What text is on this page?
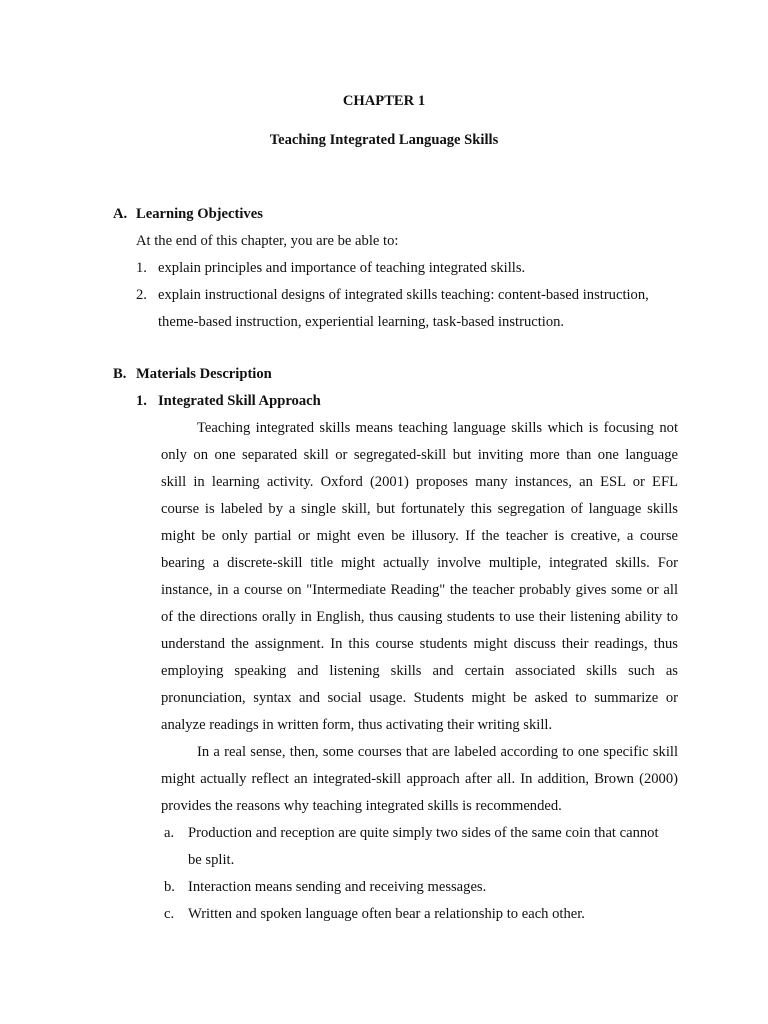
CHAPTER 1
Teaching Integrated Language Skills
A. Learning Objectives
At the end of this chapter, you are be able to:
1. explain principles and importance of teaching integrated skills.
2. explain instructional designs of integrated skills teaching: content-based instruction,
theme-based instruction, experiential learning, task-based instruction.
B. Materials Description
1. Integrated Skill Approach
Teaching integrated skills means teaching language skills which is focusing not
only on one separated skill or segregated-skill but inviting more than one language
skill in learning activity. Oxford (2001) proposes many instances, an ESL or EFL
course is labeled by a single skill, but fortunately this segregation of language skills
might be only partial or might even be illusory. If the teacher is creative, a course
bearing a discrete-skill title might actually involve multiple, integrated skills. For
instance, in a course on "Intermediate Reading" the teacher probably gives some or all
of the directions orally in English, thus causing students to use their listening ability to
understand the assignment. In this course students might discuss their readings, thus
employing speaking and listening skills and certain associated skills such as
pronunciation, syntax and social usage. Students might be asked to summarize or
analyze readings in written form, thus activating their writing skill.
In a real sense, then, some courses that are labeled according to one specific skill
might actually reflect an integrated-skill approach after all. In addition, Brown (2000)
provides the reasons why teaching integrated skills is recommended.
a. Production and reception are quite simply two sides of the same coin that cannot
be split.
b. Interaction means sending and receiving messages.
c. Written and spoken language often bear a relationship to each other.
